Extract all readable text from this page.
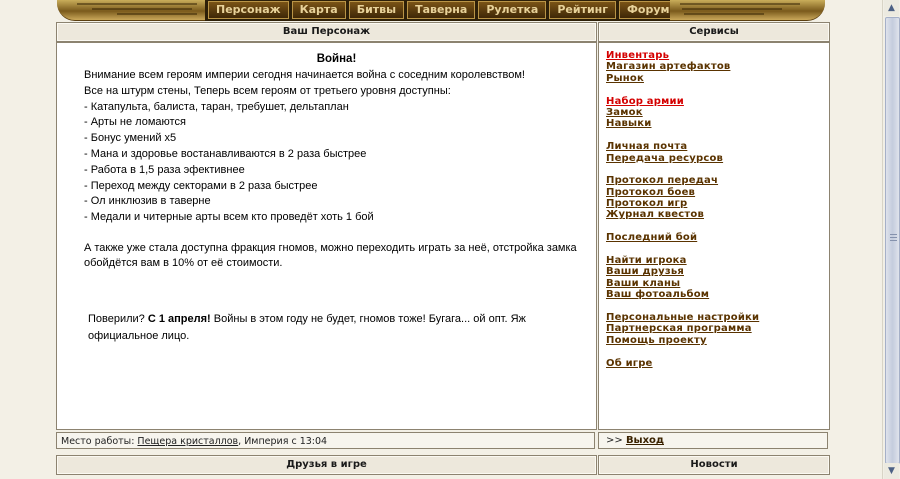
Персонаж	Карта	Битвы	Таверна	Рулетка	Рейтинг	Форум
Ваш Персонаж
Война!
Внимание всем героям империи сегодня начинается война с соседним королевством!
Все на штурм стены, Теперь всем героям от третьего уровня доступны:
- Катапульта, балиста, таран, требушет, дельтаплан
- Арты не ломаются
- Бонус умений х5
- Мана и здоровье востанавливаются в 2 раза быстрее
- Работа в 1,5 раза эфективнее
- Переход между секторами в 2 раза быстрее
- Ол инклюзив в таверне
- Медали и читерные арты всем кто проведёт хоть 1 бой
А также уже стала доступна фракция гномов, можно переходить играть за неё, отстройка замка обойдётся вам в 10% от её стоимости.
Поверили? С 1 апреля! Войны в этом году не будет, гномов тоже! Бугага... ой опт. Яж официальное лицо.
Сервисы
Инвентарь
Магазин артефактов
Рынок
Набор армии
Замок
Навыки
Личная почта
Передача ресурсов
Протокол передач
Протокол боев
Протокол игр
Журнал квестов
Последний бой
Найти игрока
Ваши друзья
Ваши кланы
Ваш фотоальбом
Персональные настройки
Партнерская программа
Помощь проекту
Об игре
Место работы: Пещера кристаллов, Империя с 13:04	>> Выход
Друзья в игре	Новости
▲
▼
